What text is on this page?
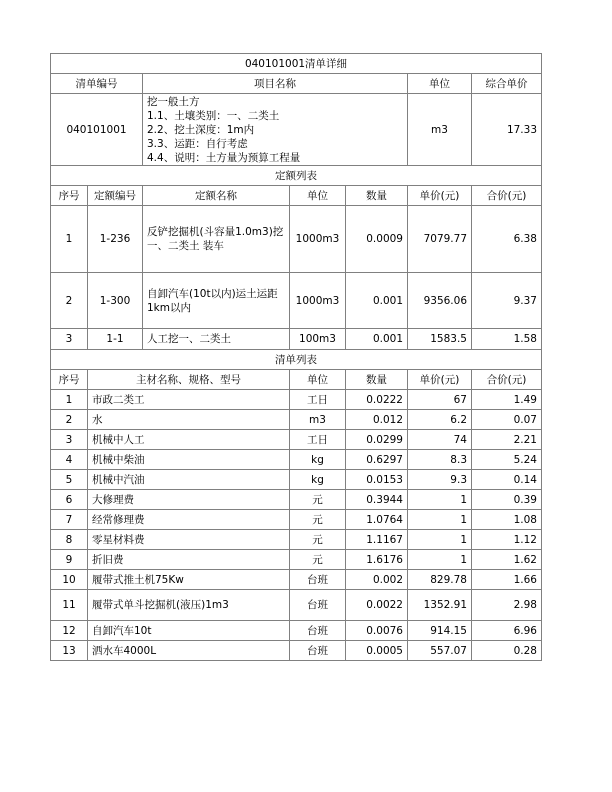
040101001清单详细						
清单编号		项目名称			单位	综合单价
040101001		挖一般土方
1.1、土壤类别：一、二类土
2.2、挖土深度：1m内
3.3、运距：自行考虑
4.4、说明：土方量为预算工程量			m3	17.33
定额列表						
序号	定额编号	定额名称	单位	数量	单价(元)	合价(元)
1	1-236	反铲挖掘机(斗容量1.0m3)挖一、二类土 装车	1000m3	0.0009	7079.77	6.38
2	1-300	自卸汽车(10t以内)运土运距1km以内	1000m3	0.001	9356.06	9.37
3	1-1	人工挖一、二类土	100m3	0.001	1583.5	1.58
清单列表						
序号	主材名称、规格、型号		单位	数量	单价(元)	合价(元)
1	市政二类工		工日	0.0222	67	1.49
2	水		m3	0.012	6.2	0.07
3	机械中人工		工日	0.0299	74	2.21
4	机械中柴油		kg	0.6297	8.3	5.24
5	机械中汽油		kg	0.0153	9.3	0.14
6	大修理费		元	0.3944	1	0.39
7	经常修理费		元	1.0764	1	1.08
8	零星材料费		元	1.1167	1	1.12
9	折旧费		元	1.6176	1	1.62
10	履带式推土机75Kw		台班	0.002	829.78	1.66
11	履带式单斗挖掘机(液压)1m3		台班	0.0022	1352.91	2.98
12	自卸汽车10t		台班	0.0076	914.15	6.96
13	洒水车4000L		台班	0.0005	557.07	0.28
